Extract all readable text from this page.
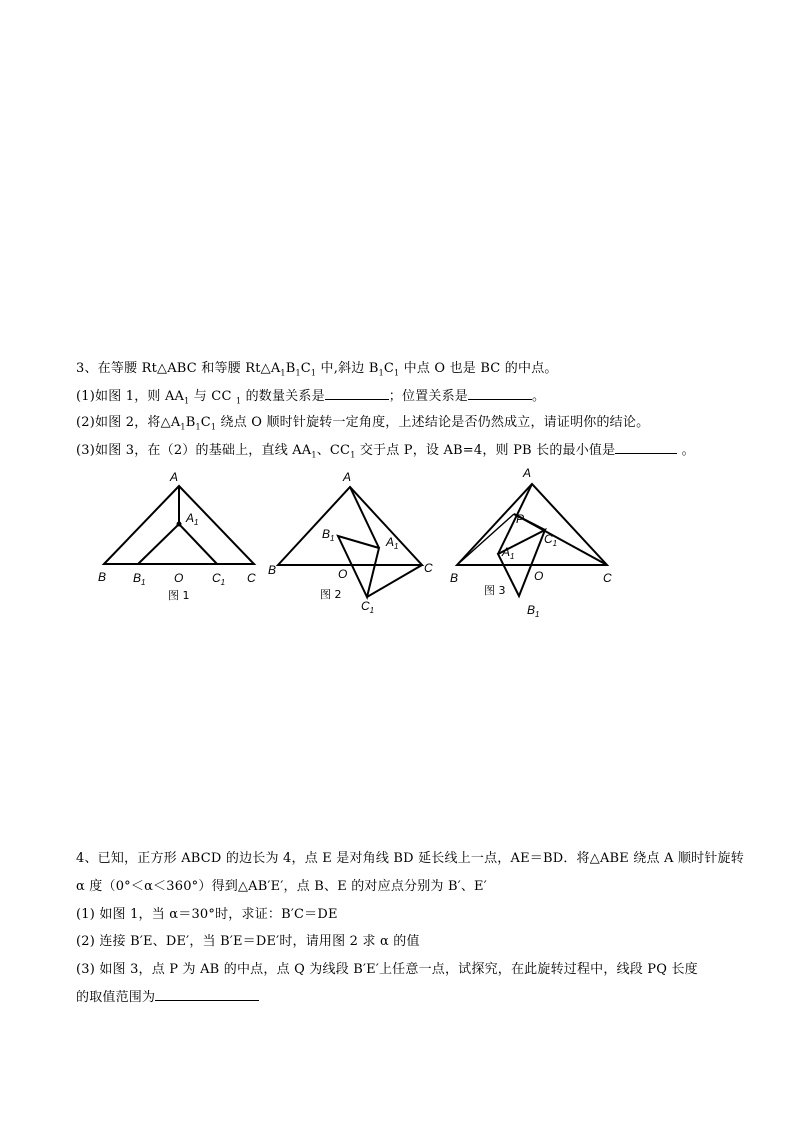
3、在等腰 Rt△ABC 和等腰 $Rt\triangle A_1B_1C_1$ 中,斜边 $B_1C_1$ 中点 O 也是 BC 的中点。
(1)如图 1，则 $AA_1$ 与 CC $_1$ 的数量关系是	；位置关系是	。
(2)如图 2，将$\triangle A_1B_1C_1$ 绕点 O 顺时针旋转一定角度，上述结论是否仍然成立，请证明你的结论。
(3)如图 3，在（2）的基础上，直线 $AA_1$、$CC_1$ 交于点 P，设 AB=4，则 PB 长的最小值是	。
A
$A_1$
B $B_1$ O $C_1$ C
图 1
A
$A_1$
B
$B_1$
O
$C_1$
C
图 2
A
P
$C_1$
$A_1$
B	O	C
$B_1$
图 3
4、已知，正方形 ABCD 的边长为 4，点 E 是对角线 BD 延长线上一点，AE＝BD．将△ABE 绕点 A 顺时针旋转
α 度（0°＜α＜360°）得到△AB′E′，点 B、E 的对应点分别为 B′、E′
(1) 如图 1，当 α＝30°时，求证：B′C＝DE
(2) 连接 B′E、DE′，当 B′E＝DE′时，请用图 2 求 α 的值
(3) 如图 3，点 P 为 AB 的中点，点 Q 为线段 B′E′上任意一点，试探究，在此旋转过程中，线段 PQ 长度
的取值范围为
